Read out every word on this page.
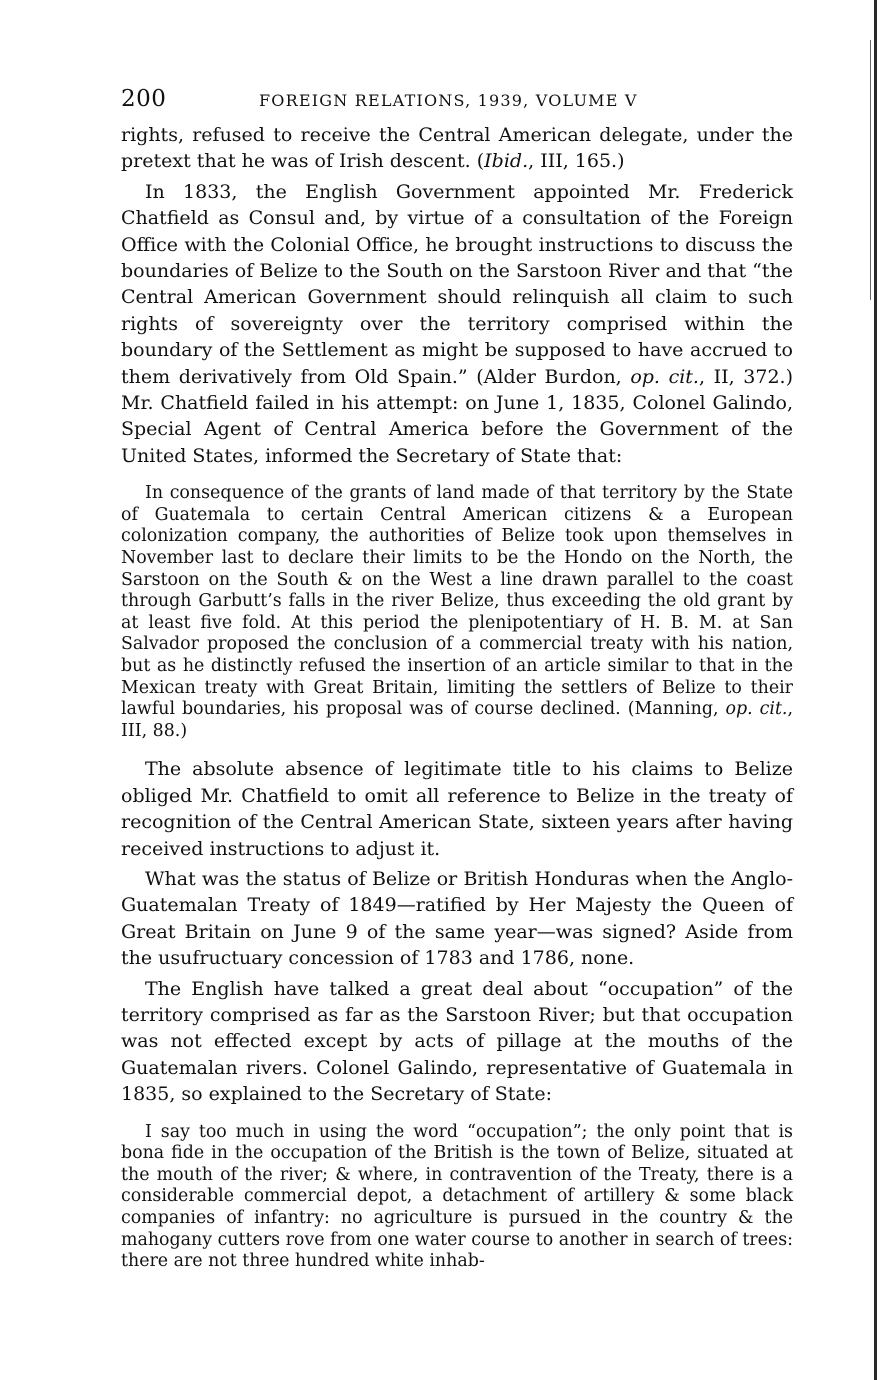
200	FOREIGN RELATIONS, 1939, VOLUME V

rights, refused to receive the Central American delegate, under the pretext that he was of Irish descent. (Ibid., III, 165.)

In 1833, the English Government appointed Mr. Frederick Chatfield as Consul and, by virtue of a consultation of the Foreign Office with the Colonial Office, he brought instructions to discuss the boundaries of Belize to the South on the Sarstoon River and that “the Central American Government should relinquish all claim to such rights of sovereignty over the territory comprised within the boundary of the Settlement as might be supposed to have accrued to them derivatively from Old Spain.” (Alder Burdon, op. cit., II, 372.) Mr. Chatfield failed in his attempt: on June 1, 1835, Colonel Galindo, Special Agent of Central America before the Government of the United States, informed the Secretary of State that:

In consequence of the grants of land made of that territory by the State of Guatemala to certain Central American citizens & a European colonization company, the authorities of Belize took upon themselves in November last to declare their limits to be the Hondo on the North, the Sarstoon on the South & on the West a line drawn parallel to the coast through Garbutt’s falls in the river Belize, thus exceeding the old grant by at least five fold. At this period the plenipotentiary of H. B. M. at San Salvador proposed the conclusion of a commercial treaty with his nation, but as he distinctly refused the insertion of an article similar to that in the Mexican treaty with Great Britain, limiting the settlers of Belize to their lawful boundaries, his proposal was of course declined. (Manning, op. cit., III, 88.)

The absolute absence of legitimate title to his claims to Belize obliged Mr. Chatfield to omit all reference to Belize in the treaty of recognition of the Central American State, sixteen years after having received instructions to adjust it.

What was the status of Belize or British Honduras when the Anglo-Guatemalan Treaty of 1849—ratified by Her Majesty the Queen of Great Britain on June 9 of the same year—was signed? Aside from the usufructuary concession of 1783 and 1786, none.

The English have talked a great deal about “occupation” of the territory comprised as far as the Sarstoon River; but that occupation was not effected except by acts of pillage at the mouths of the Guatemalan rivers. Colonel Galindo, representative of Guatemala in 1835, so explained to the Secretary of State:

I say too much in using the word “occupation”; the only point that is bona fide in the occupation of the British is the town of Belize, situated at the mouth of the river; & where, in contravention of the Treaty, there is a considerable commercial depot, a detachment of artillery & some black companies of infantry: no agriculture is pursued in the country & the mahogany cutters rove from one water course to another in search of trees: there are not three hundred white inhab-
